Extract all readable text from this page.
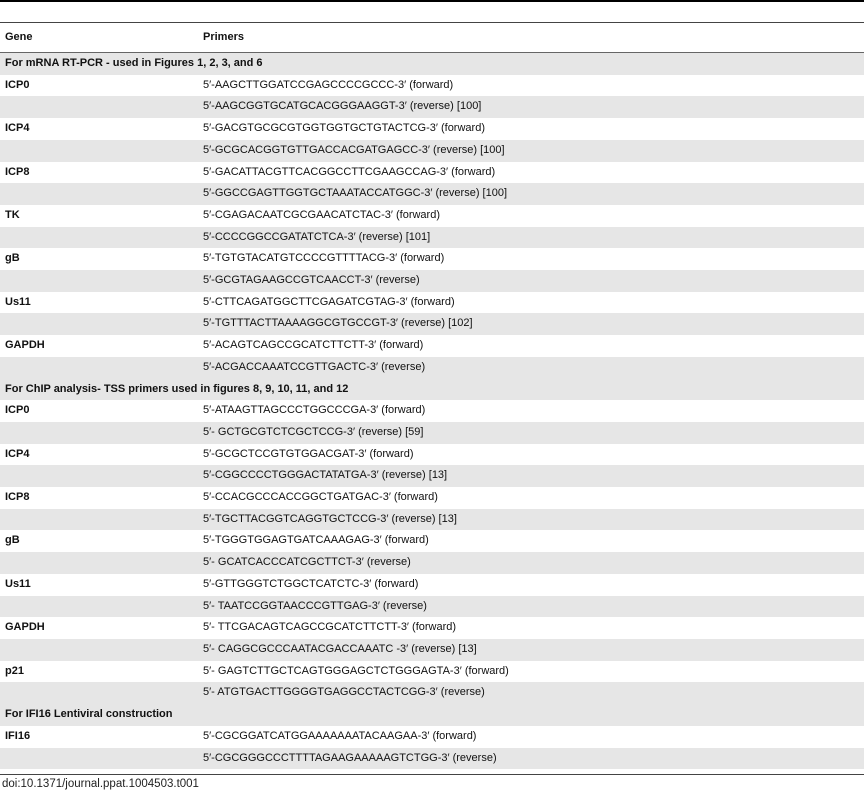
Gene	Primers
For mRNA RT-PCR - used in Figures 1, 2, 3, and 6	
ICP0	5′-AAGCTTGGATCCGAGCCCCGCCC-3′ (forward)
	5′-AAGCGGTGCATGCACGGGAAGGT-3′ (reverse) [100]
ICP4	5′-GACGTGCGCGTGGTGGTGCTGTACTCG-3′ (forward)
	5′-GCGCACGGTGTTGACCACGATGAGCC-3′ (reverse) [100]
ICP8	5′-GACATTACGTTCACGGCCTTCGAAGCCAG-3′ (forward)
	5′-GGCCGAGTTGGTGCTAAATACCATGGC-3′ (reverse) [100]
TK	5′-CGAGACAATCGCGAACATCTAC-3′ (forward)
	5′-CCCCGGCCGATATCTCA-3′ (reverse) [101]
gB	5′-TGTGTACATGTCCCCGTTTTACG-3′ (forward)
	5′-GCGTAGAAGCCGTCAACCT-3′ (reverse)
Us11	5′-CTTCAGATGGCTTCGAGATCGTAG-3′ (forward)
	5′-TGTTTACTTAAAAGGCGTGCCGT-3′ (reverse) [102]
GAPDH	5′-ACAGTCAGCCGCATCTTCTT-3′ (forward)
	5′-ACGACCAAATCCGTTGACTC-3′ (reverse)
For ChIP analysis- TSS primers used in figures 8, 9, 10, 11, and 12	
ICP0	5′-ATAAGTTAGCCCTGGCCCGA-3′ (forward)
	5′- GCTGCGTCTCGCTCCG-3′ (reverse) [59]
ICP4	5′-GCGCTCCGTGTGGACGAT-3′ (forward)
	5′-CGGCCCCTGGGACTATATGA-3′ (reverse) [13]
ICP8	5′-CCACGCCCACCGGCTGATGAC-3′ (forward)
	5′-TGCTTACGGTCAGGTGCTCCG-3′ (reverse) [13]
gB	5′-TGGGTGGAGTGATCAAAGAG-3′ (forward)
	5′- GCATCACCCATCGCTTCT-3′ (reverse)
Us11	5′-GTTGGGTCTGGCTCATCTC-3′ (forward)
	5′- TAATCCGGTAACCCGTTGAG-3′ (reverse)
GAPDH	5′- TTCGACAGTCAGCCGCATCTTCTT-3′ (forward)
	5′- CAGGCGCCCAATACGACCAAATC -3′ (reverse) [13]
p21	5′- GAGTCTTGCTCAGTGGGAGCTCTGGGAGTA-3′ (forward)
	5′- ATGTGACTTGGGGTGAGGCCTACTCGG-3′ (reverse)
For IFI16 Lentiviral construction	
IFI16	5′-CGCGGATCATGGAAAAAAATACAAGAA-3′ (forward)
	5′-CGCGGGCCCTTTTAGAAGAAAAAGTCTGG-3′ (reverse)
doi:10.1371/journal.ppat.1004503.t001
